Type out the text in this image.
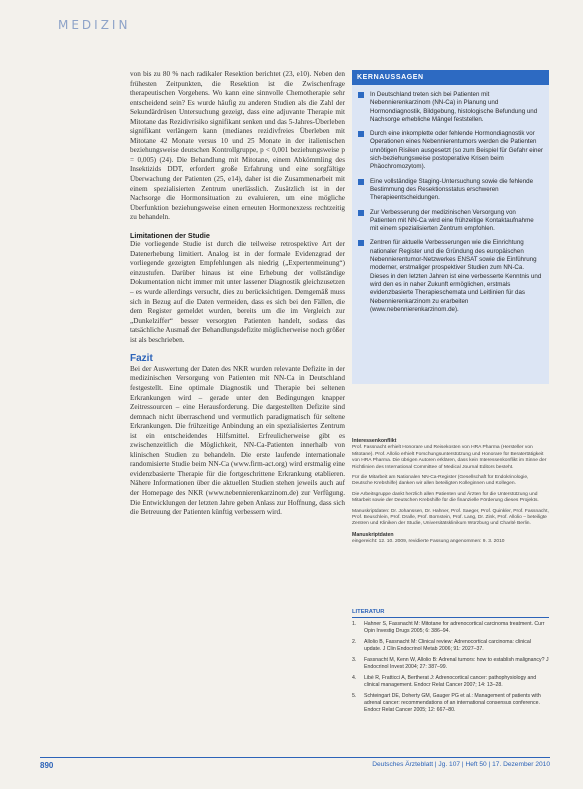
MEDIZIN

von bis zu 80 % nach radikaler Resektion berichtet (23, e10). Neben den frühesten Zeitpunkten, die Resektion ist die Zwischenfrage therapeutischen Vorgehens. Wo kann eine sinnvolle Chemotherapie sehr entscheidend sein? Es wurde häufig zu anderen Studien als die Zahl der Sekundärdrüsen Untersuchung gezeigt, dass eine adjuvante Therapie mit Mitotane das Rezidivrisiko signifikant senken und das 5-Jahres-Überleben signifikant verlängern kann (medianes rezidivfreies Überleben mit Mitotane 42 Monate versus 10 und 25 Monate in der italienischen beziehungsweise deutschen Kontrollgruppe, p < 0,001 beziehungsweise p = 0,005) (24). Die Behandlung mit Mitotane, einem Abkömmling des Insektizids DDT, erfordert große Erfahrung und eine sorgfältige Überwachung der Patienten (25, e14), daher ist die Zusammenarbeit mit einem spezialisierten Zentrum unerlässlich. Zusätzlich ist in der Nachsorge die Hormonsituation zu evaluieren, um eine mögliche Überfunktion beziehungsweise einen erneuten Hormonexzess rechtzeitig zu behandeln.

Limitationen der Studie

Die vorliegende Studie ist durch die teilweise retrospektive Art der Datenerhebung limitiert. Analog ist in der formale Evidenzgrad der vorliegende gezeigten Empfehlungen als niedrig („Expertenmeinung“) einzustufen. Darüber hinaus ist eine Erhebung der vollständige Dokumentation nicht immer mit unter lassener Diagnostik gleichzusetzen – es wurde allerdings versucht, dies zu berücksichtigen. Demgemäß muss sich in Bezug auf die Daten vermeiden, dass es sich bei den Fällen, die dem Register gemeldet wurden, bereits um die im Vergleich zur „Dunkelziffer“ besser versorgten Patienten handelt, sodass das tatsächliche Ausmaß der Behandlungsdefizite möglicherweise noch größer ist als beschrieben.

Fazit

Bei der Auswertung der Daten des NKR wurden relevante Defizite in der medizinischen Versorgung von Patienten mit NN-Ca in Deutschland festgestellt. Eine optimale Diagnostik und Therapie bei seltenen Erkrankungen wird – gerade unter den Bedingungen knapper Zeitressourcen – eine Herausforderung. Die dargestellten Defizite sind demnach nicht überraschend und vermutlich paradigmatisch für seltene Erkrankungen. Die frühzeitige Anbindung an ein spezialisiertes Zentrum ist ein entscheidendes Hilfsmittel. Erfreulicherweise gibt es zwischenzeitlich die Möglichkeit, NN-Ca-Patienten innerhalb von klinischen Studien zu behandeln. Die erste laufende internationale randomisierte Studie beim NN-Ca (www.firm-act.org) wird erstmalig eine evidenzbasierte Therapie für die fortgeschrittene Erkrankung etablieren. Nähere Informationen über die aktuellen Studien stehen jeweils auch auf der Homepage des NKR (www.nebennierenkarzinom.de) zur Verfügung. Die Entwicklungen der letzten Jahre geben Anlass zur Hoffnung, dass sich die Betreuung der Patienten künftig verbessern wird.

KERNAUSSAGEN
In Deutschland treten sich bei Patienten mit Nebennierenkarzinom (NN-Ca) in Planung und Hormondiagnostik, Bildgebung, histologische Befundung und Nachsorge erhebliche Mängel feststellen.
Durch eine inkomplette oder fehlende Hormondiagnostik vor Operationen eines Nebennierentumors werden die Patienten unnötigen Risiken ausgesetzt (so zum Beispiel für Gefahr einer sich-beziehungsweise postoperative Krisen beim Phäochromozytom).
Eine vollständige Staging-Untersuchung sowie die fehlende Bestimmung des Resektionsstatus erschweren Therapieentscheidungen.
Zur Verbesserung der medizinischen Versorgung von Patienten mit NN-Ca wird eine frühzeitige Kontaktaufnahme mit einem spezialisierten Zentrum empfohlen.
Zentren für aktuelle Verbesserungen wie die Einrichtung nationaler Register und die Gründung des europäischen Nebennierentumor-Netzwerkes ENSAT sowie die Einführung moderner, erstmaliger prospektiver Studien zum NN-Ca. Dieses in den letzten Jahren ist eine verbesserte Kenntnis und wird den es in naher Zukunft ermöglichen, erstmals evidenzbasierte Therapieschemata und Leitlinien für das Nebennierenkarzinom zu erarbeiten (www.nebennierenkarzinom.de).
Interessenkonflikt

Prof. Fassnacht erhielt Honorare und Reisekosten von HRA Pharma (Hersteller von Mitotane). Prof. Allolio erhielt Forschungsunterstützung und Honorare für Beratertätigkeit von HRA Pharma. Die übrigen Autoren erklären, dass kein Interessenkonflikt im Sinne der Richtlinien des International Committee of Medical Journal Editors besteht.

Für die Mitarbeit am Nationalen NN-Ca-Register (Gesellschaft für Endokrinologie, Deutsche Krebshilfe) danken wir allen beteiligten Kolleginnen und Kollegen.

Die Arbeitsgruppe dankt herzlich allen Patienten und Ärzten für die Unterstützung und Mitarbeit sowie der Deutschen Krebshilfe für die finanzielle Förderung dieses Projekts.

Manuskriptdaten: Dr. Johanssen, Dr. Hahner, Prof. Saeger, Prof. Quinkler, Prof. Fassnacht, Prof. Beuschlein, Prof. Dralle, Prof. Bornstein, Prof. Lang, Dr. Zink, Prof. Allolio – beteiligte Zentren und Kliniken der Studie, Universitätsklinikum Würzburg und Charité Berlin.

Manuskriptdaten

eingereicht: 12. 10. 2009, revidierte Fassung angenommen: 9. 3. 2010

LITERATUR
1. Hahner S, Fassnacht M: Mitotane for adrenocortical carcinoma treatment. Curr Opin Investig Drugs 2005; 6: 386–94.
2. Allolio B, Fassnacht M: Clinical review: Adrenocortical carcinoma: clinical update. J Clin Endocrinol Metab 2006; 91: 2027–37.
3. Fassnacht M, Kenn W, Allolio B: Adrenal tumors: how to establish malignancy? J Endocrinol Invest 2004; 27: 387–99.
4. Libè R, Fratticci A, Bertherat J: Adrenocortical cancer: pathophysiology and clinical management. Endocr Relat Cancer 2007; 14: 13–28.
5. Schteingart DE, Doherty GM, Gauger PG et al.: Management of patients with adrenal cancer: recommendations of an international consensus conference. Endocr Relat Cancer 2005; 12: 667–80.
890	Deutsches Ärzteblatt | Jg. 107 | Heft 50 | 17. Dezember 2010
